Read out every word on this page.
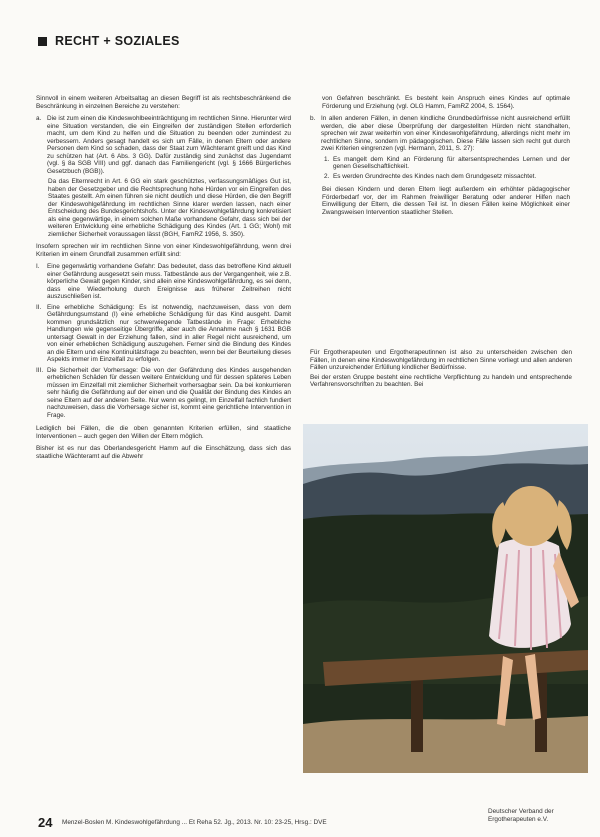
RECHT + SOZIALES

Sinnvoll in einem weiteren Arbeitsaltag an diesen Begriff ist als rechtsbeschränkend die Beschränkung in einzelnen Bereiche zu verstehen:

a. Die ist zum einen die Kindeswohlbeeinträchtigung im rechtlichen Sinne. Hierunter wird eine Situation verstanden, die ein Eingreifen der zuständigen Stellen erforderlich macht, um dem Kind zu helfen und die Situation zu beenden oder zumindest zu verbessern. Anders gesagt handelt es sich um Fälle, in denen Eltern oder andere Personen dem Kind so schaden, dass der Staat zum Wächteramt greift und das Kind zu schützen hat (Art. 6 Abs. 3 GG). Dafür zuständig sind zunächst das Jugendamt (vgl. § 8a SGB VIII) und ggf. danach das Familiengericht (vgl. § 1666 Bürgerliches Gesetzbuch (BGB)).

Da das Elternrecht in Art. 6 GG ein stark geschütztes, verfassungsmäßiges Gut ist, haben der Gesetzgeber und die Rechtsprechung hohe Hürden vor ein Eingreifen des Staates gestellt. Am einen führen sie nicht deutlich und diese Hürden, die den Begriff der Kindeswohlgefährdung im rechtlichen Sinne klarer werden lassen, nach einer Entscheidung des Bundesgerichtshofs. Unter der Kindeswohlgefährdung konkretisiert als eine gegenwärtige, in einem solchen Maße vorhandene Gefahr, dass sich bei der weiteren Entwicklung eine erhebliche Schädigung des Kindes (Art. 1 GG; Wohl) mit ziemlicher Sicherheit voraussagen lässt (BGH, FamRZ 1956, S. 350).

Insofern sprechen wir im rechtlichen Sinne von einer Kindeswohlgefährdung, wenn drei Kriterien im einem Grundfall zusammen erfüllt sind:

I.	Eine gegenwärtig vorhandene Gefahr: Das bedeutet, dass das betroffene Kind aktuell einer Gefährdung ausgesetzt sein muss. Tatbestände aus der Vergangenheit, wie z.B. körperliche Gewalt gegen Kinder, sind allein eine Kindeswohlgefährdung, es sei denn, dass eine Wiederholung durch Ereignisse aus früherer Zeitreihen nicht auszuschließen ist.
II. Eine erhebliche Schädigung: Es ist notwendig, nachzuweisen, dass von dem Gefährdungsumstand (I) eine erhebliche Schädigung für das Kind ausgeht. Damit kommen grundsätzlich nur schwerwiegende Tatbestände in Frage: Erhebliche Handlungen wie gegenseitige Übergriffe, aber auch die Annahme nach § 1631 BGB untersagt Gewalt in der Erziehung fallen, sind in aller Regel nicht ausreichend, um von einer erheblichen Schädigung auszugehen. Ferner sind die Bindung des Kindes an die Eltern und eine Kontinuitätsfrage zu beachten, wenn bei der Beurteilung dieses Aspekts immer im Einzelfall zu erfolgen.
III. Die Sicherheit der Vorhersage: Die von der Gefährdung des Kindes ausgehenden erheblichen Schäden für dessen weitere Entwicklung und für dessen späteres Leben müssen im Einzelfall mit ziemlicher Sicherheit vorhersagbar sein. Da bei konkurrieren sehr häufig die Gefährdung auf der einen und die Qualität der Bindung des Kindes an seine Eltern auf der anderen Seite. Nur wenn es gelingt, im Einzelfall fachlich fundiert nachzuweisen, dass die Vorhersage sicher ist, kommt eine gerichtliche Intervention in Frage.

Lediglich bei Fällen, die die oben genannten Kriterien erfüllen, sind staatliche Interventionen – auch gegen den Willen der Eltern möglich.

Bisher ist es nur das Oberlandesgericht Hamm auf die Einschätzung, dass sich das staatliche Wächteramt auf die Abwehr

von Gefahren beschränkt. Es besteht kein Anspruch eines Kindes auf optimale Förderung und Erziehung (vgl. OLG Hamm, FamRZ 2004, S. 1564).

b. In allen anderen Fällen, in denen kindliche Grundbedürfnisse nicht ausreichend erfüllt werden, die aber diese Überprüfung der dargestellten Hürden nicht standhalten, sprechen wir zwar weiterhin von einer Kindeswohlgefährdung, allerdings nicht mehr im rechtlichen Sinne, sondern im pädagogischen. Diese Fälle lassen sich recht gut durch zwei Kriterien eingrenzen (vgl. Hermann, 2011, S. 27):
1. Es mangelt dem Kind an Förderung für altersentsprechendes Lernen und der genen Gesellschaftlichkeit.
2. Es werden Grundrechte des Kindes nach dem Grundgesetz missachtet.

Bei diesen Kindern und deren Eltern liegt außerdem ein erhöhter pädagogischer Förderbedarf vor, der im Rahmen freiwilliger Beratung oder anderer Hilfen nach Einwilligung der Eltern, die dessen Teil ist. In diesen Fällen keine Möglichkeit einer Zwangsweisen Intervention staatlicher Stellen.

Für Ergotherapeuten und Ergotherapeutinnen ist also zu unterscheiden zwischen den Fällen, in denen eine Kindeswohlgefährdung im rechtlichen Sinne vorliegt und allen anderen Fällen unzureichender Erfüllung kindlicher Bedürfnisse.

Bei der ersten Gruppe besteht eine rechtliche Verpflichtung zu handeln und entsprechende Verfahrensvorschriften zu beachten. Bei

24 Menzel-Boslen M. Kindeswohlgefährdung ... Et Reha 52. Jg., 2013. Nr. 10: 23-25, Hrsg.: DVE
Deutscher Verband der
Ergotherapeuten e.V.
